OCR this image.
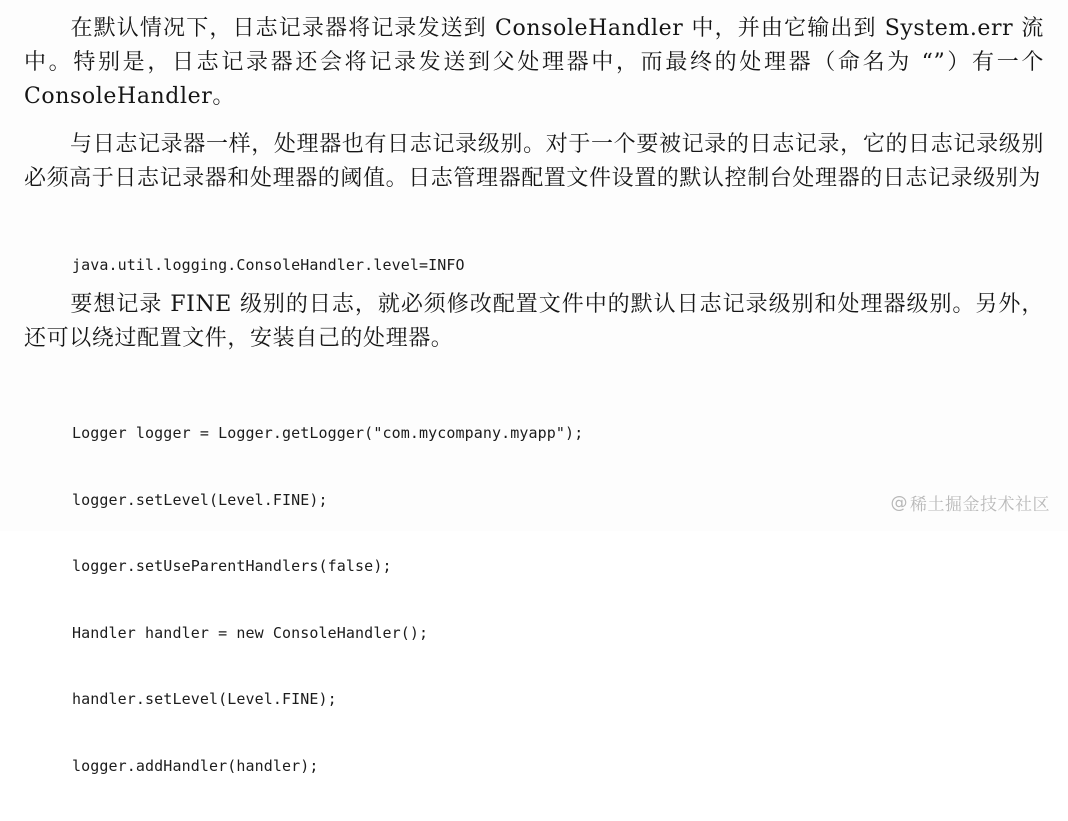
在默认情况下，日志记录器将记录发送到 ConsoleHandler 中，并由它输出到 System.err 流中。特别是，日志记录器还会将记录发送到父处理器中，而最终的处理器（命名为 “”）有一个 ConsoleHandler。

与日志记录器一样，处理器也有日志记录级别。对于一个要被记录的日志记录，它的日志记录级别必须高于日志记录器和处理器的阈值。日志管理器配置文件设置的默认控制台处理器的日志记录级别为

java.util.logging.ConsoleHandler.level=INFO

要想记录 FINE 级别的日志，就必须修改配置文件中的默认日志记录级别和处理器级别。另外，还可以绕过配置文件，安装自己的处理器。

Logger logger = Logger.getLogger("com.mycompany.myapp");

logger.setLevel(Level.FINE);

logger.setUseParentHandlers(false);

Handler handler = new ConsoleHandler();

handler.setLevel(Level.FINE);

logger.addHandler(handler);

@ 稀土掘金技术社区
